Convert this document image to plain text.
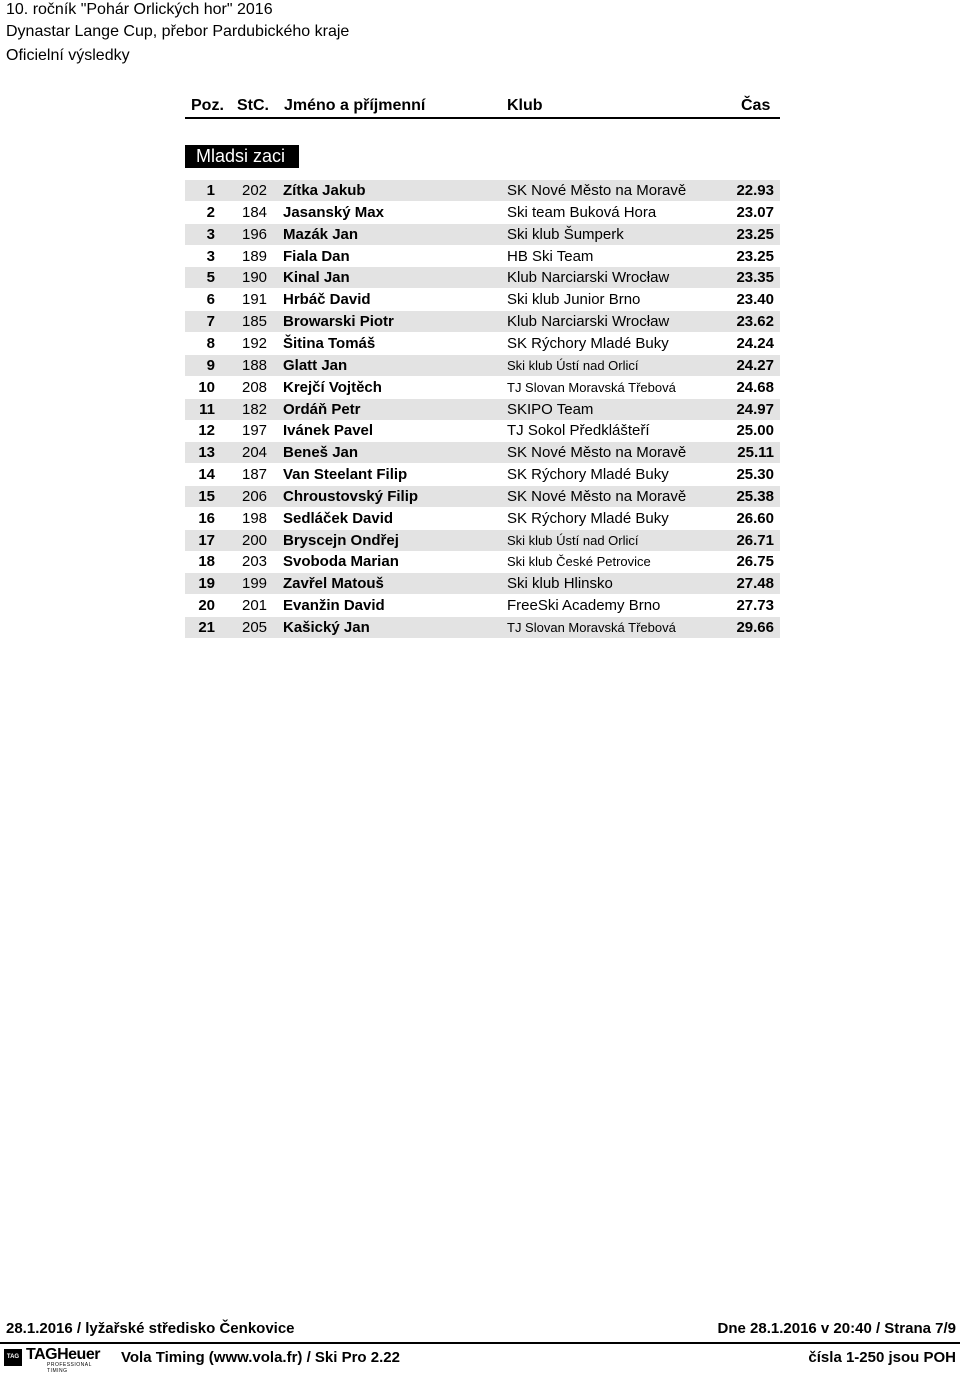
10. ročník "Pohár Orlických hor" 2016
Dynastar Lange Cup, přebor Pardubického kraje
Oficielní výsledky
Poz. StC. Jméno a příjmenní	Klub	Čas
Mladsi zaci
1 202 Zítka Jakub	SK Nové Město na Moravě	22.93
2 184 Jasanský Max	Ski team Buková Hora	23.07
3 196 Mazák Jan	Ski klub Šumperk	23.25
3 189 Fiala Dan	HB Ski Team	23.25
5 190 Kinal Jan	Klub Narciarski Wrocław	23.35
6 191 Hrbáč David	Ski klub Junior Brno	23.40
7 185 Browarski Piotr	Klub Narciarski Wrocław	23.62
8 192 Šitina Tomáš	SK Rýchory Mladé Buky	24.24
9 188 Glatt Jan	Ski klub Ústí nad Orlicí	24.27
10 208 Krejčí Vojtěch	TJ Slovan Moravská Třebová	24.68
11 182 Ordáň Petr	SKIPO Team	24.97
12 197 Ivánek Pavel	TJ Sokol Předklášteří	25.00
13 204 Beneš Jan	SK Nové Město na Moravě	25.11
14 187 Van Steelant Filip	SK Rýchory Mladé Buky	25.30
15 206 Chroustovský Filip	SK Nové Město na Moravě	25.38
16 198 Sedláček David	SK Rýchory Mladé Buky	26.60
17 200 Bryscejn Ondřej	Ski klub Ústí nad Orlicí	26.71
18 203 Svoboda Marian	Ski klub České Petrovice	26.75
19 199 Zavřel Matouš	Ski klub Hlinsko	27.48
20 201 Evanžin David	FreeSki Academy Brno	27.73
21 205 Kašický Jan	TJ Slovan Moravská Třebová	29.66
28.1.2016 / lyžařské středisko Čenkovice	Dne 28.1.2016 v 20:40 / Strana 7/9
TAG TAGHeuer
PROFESSIONAL TIMING
Vola Timing (www.vola.fr) / Ski Pro 2.22	čísla 1-250 jsou POH
